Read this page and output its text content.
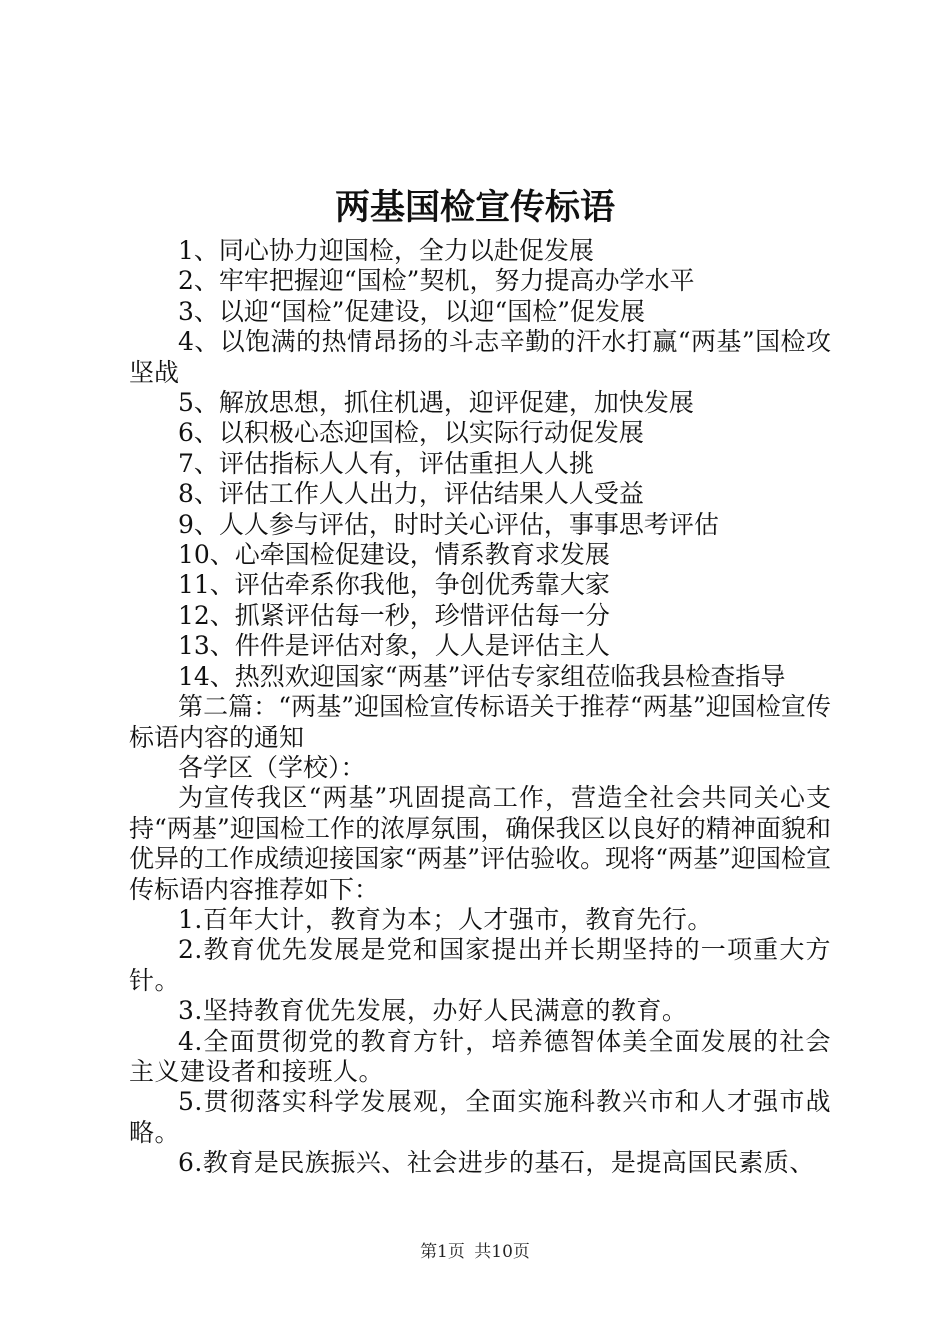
两基国检宣传标语

1、同心协力迎国检，全力以赴促发展

2、牢牢把握迎“国检”契机，努力提高办学水平

3、以迎“国检”促建设，以迎“国检”促发展

4、以饱满的热情昂扬的斗志辛勤的汗水打赢“两基”国检攻坚战

5、解放思想，抓住机遇，迎评促建，加快发展

6、以积极心态迎国检，以实际行动促发展

7、评估指标人人有，评估重担人人挑

8、评估工作人人出力，评估结果人人受益

9、人人参与评估，时时关心评估，事事思考评估

10、心牵国检促建设，情系教育求发展

11、评估牵系你我他，争创优秀靠大家

12、抓紧评估每一秒，珍惜评估每一分

13、件件是评估对象，人人是评估主人

14、热烈欢迎国家“两基”评估专家组莅临我县检查指导

第二篇：“两基”迎国检宣传标语关于推荐“两基”迎国检宣传标语内容的通知

各学区（学校）：

为宣传我区“两基”巩固提高工作，营造全社会共同关心支持“两基”迎国检工作的浓厚氛围，确保我区以良好的精神面貌和优异的工作成绩迎接国家“两基”评估验收。现将“两基”迎国检宣传标语内容推荐如下：

1.百年大计，教育为本；人才强市，教育先行。

2.教育优先发展是党和国家提出并长期坚持的一项重大方针。

3.坚持教育优先发展，办好人民满意的教育。

4.全面贯彻党的教育方针，培养德智体美全面发展的社会主义建设者和接班人。

5.贯彻落实科学发展观，全面实施科教兴市和人才强市战略。

6.教育是民族振兴、社会进步的基石，是提高国民素质、

第1页 共10页
